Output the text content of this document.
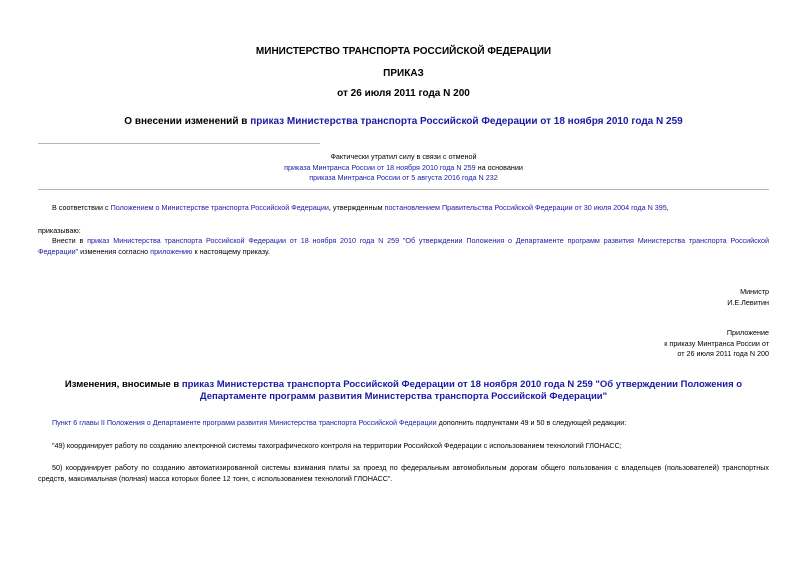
МИНИСТЕРСТВО ТРАНСПОРТА РОССИЙСКОЙ ФЕДЕРАЦИИ
ПРИКАЗ
от 26 июля 2011 года N 200
О внесении изменений в приказ Министерства транспорта Российской Федерации от 18 ноября 2010 года N 259
Фактически утратил силу в связи с отменой
приказа Минтранса России от 18 ноября 2010 года N 259 на основании
приказа Минтранса России от 5 августа 2016 года N 232
В соответствии с Положением о Министерстве транспорта Российской Федерации, утвержденным постановлением Правительства Российской Федерации от 30 июля 2004 года N 395,
приказываю:
Внести в приказ Министерства транспорта Российской Федерации от 18 ноября 2010 года N 259 "Об утверждении Положения о Департаменте программ развития Министерства транспорта Российской Федерации" изменения согласно приложению к настоящему приказу.
Министр
И.Е.Левитин
Приложение
к приказу Минтранса России от
от 26 июля 2011 года N 200
Изменения, вносимые в приказ Министерства транспорта Российской Федерации от 18 ноября 2010 года N 259 "Об утверждении Положения о Департаменте программ развития Министерства транспорта Российской Федерации"
Пункт 6 главы II Положения о Департаменте программ развития Министерства транспорта Российской Федерации дополнить подпунктами 49 и 50 в следующей редакции:
"49) координирует работу по созданию электронной системы тахографического контроля на территории Российской Федерации с использованием технологий ГЛОНАСС;
50) координирует работу по созданию автоматизированной системы взимания платы за проезд по федеральным автомобильным дорогам общего пользования с владельцев (пользователей) транспортных средств, максимальная (полная) масса которых более 12 тонн, с использованием технологий ГЛОНАСС".
